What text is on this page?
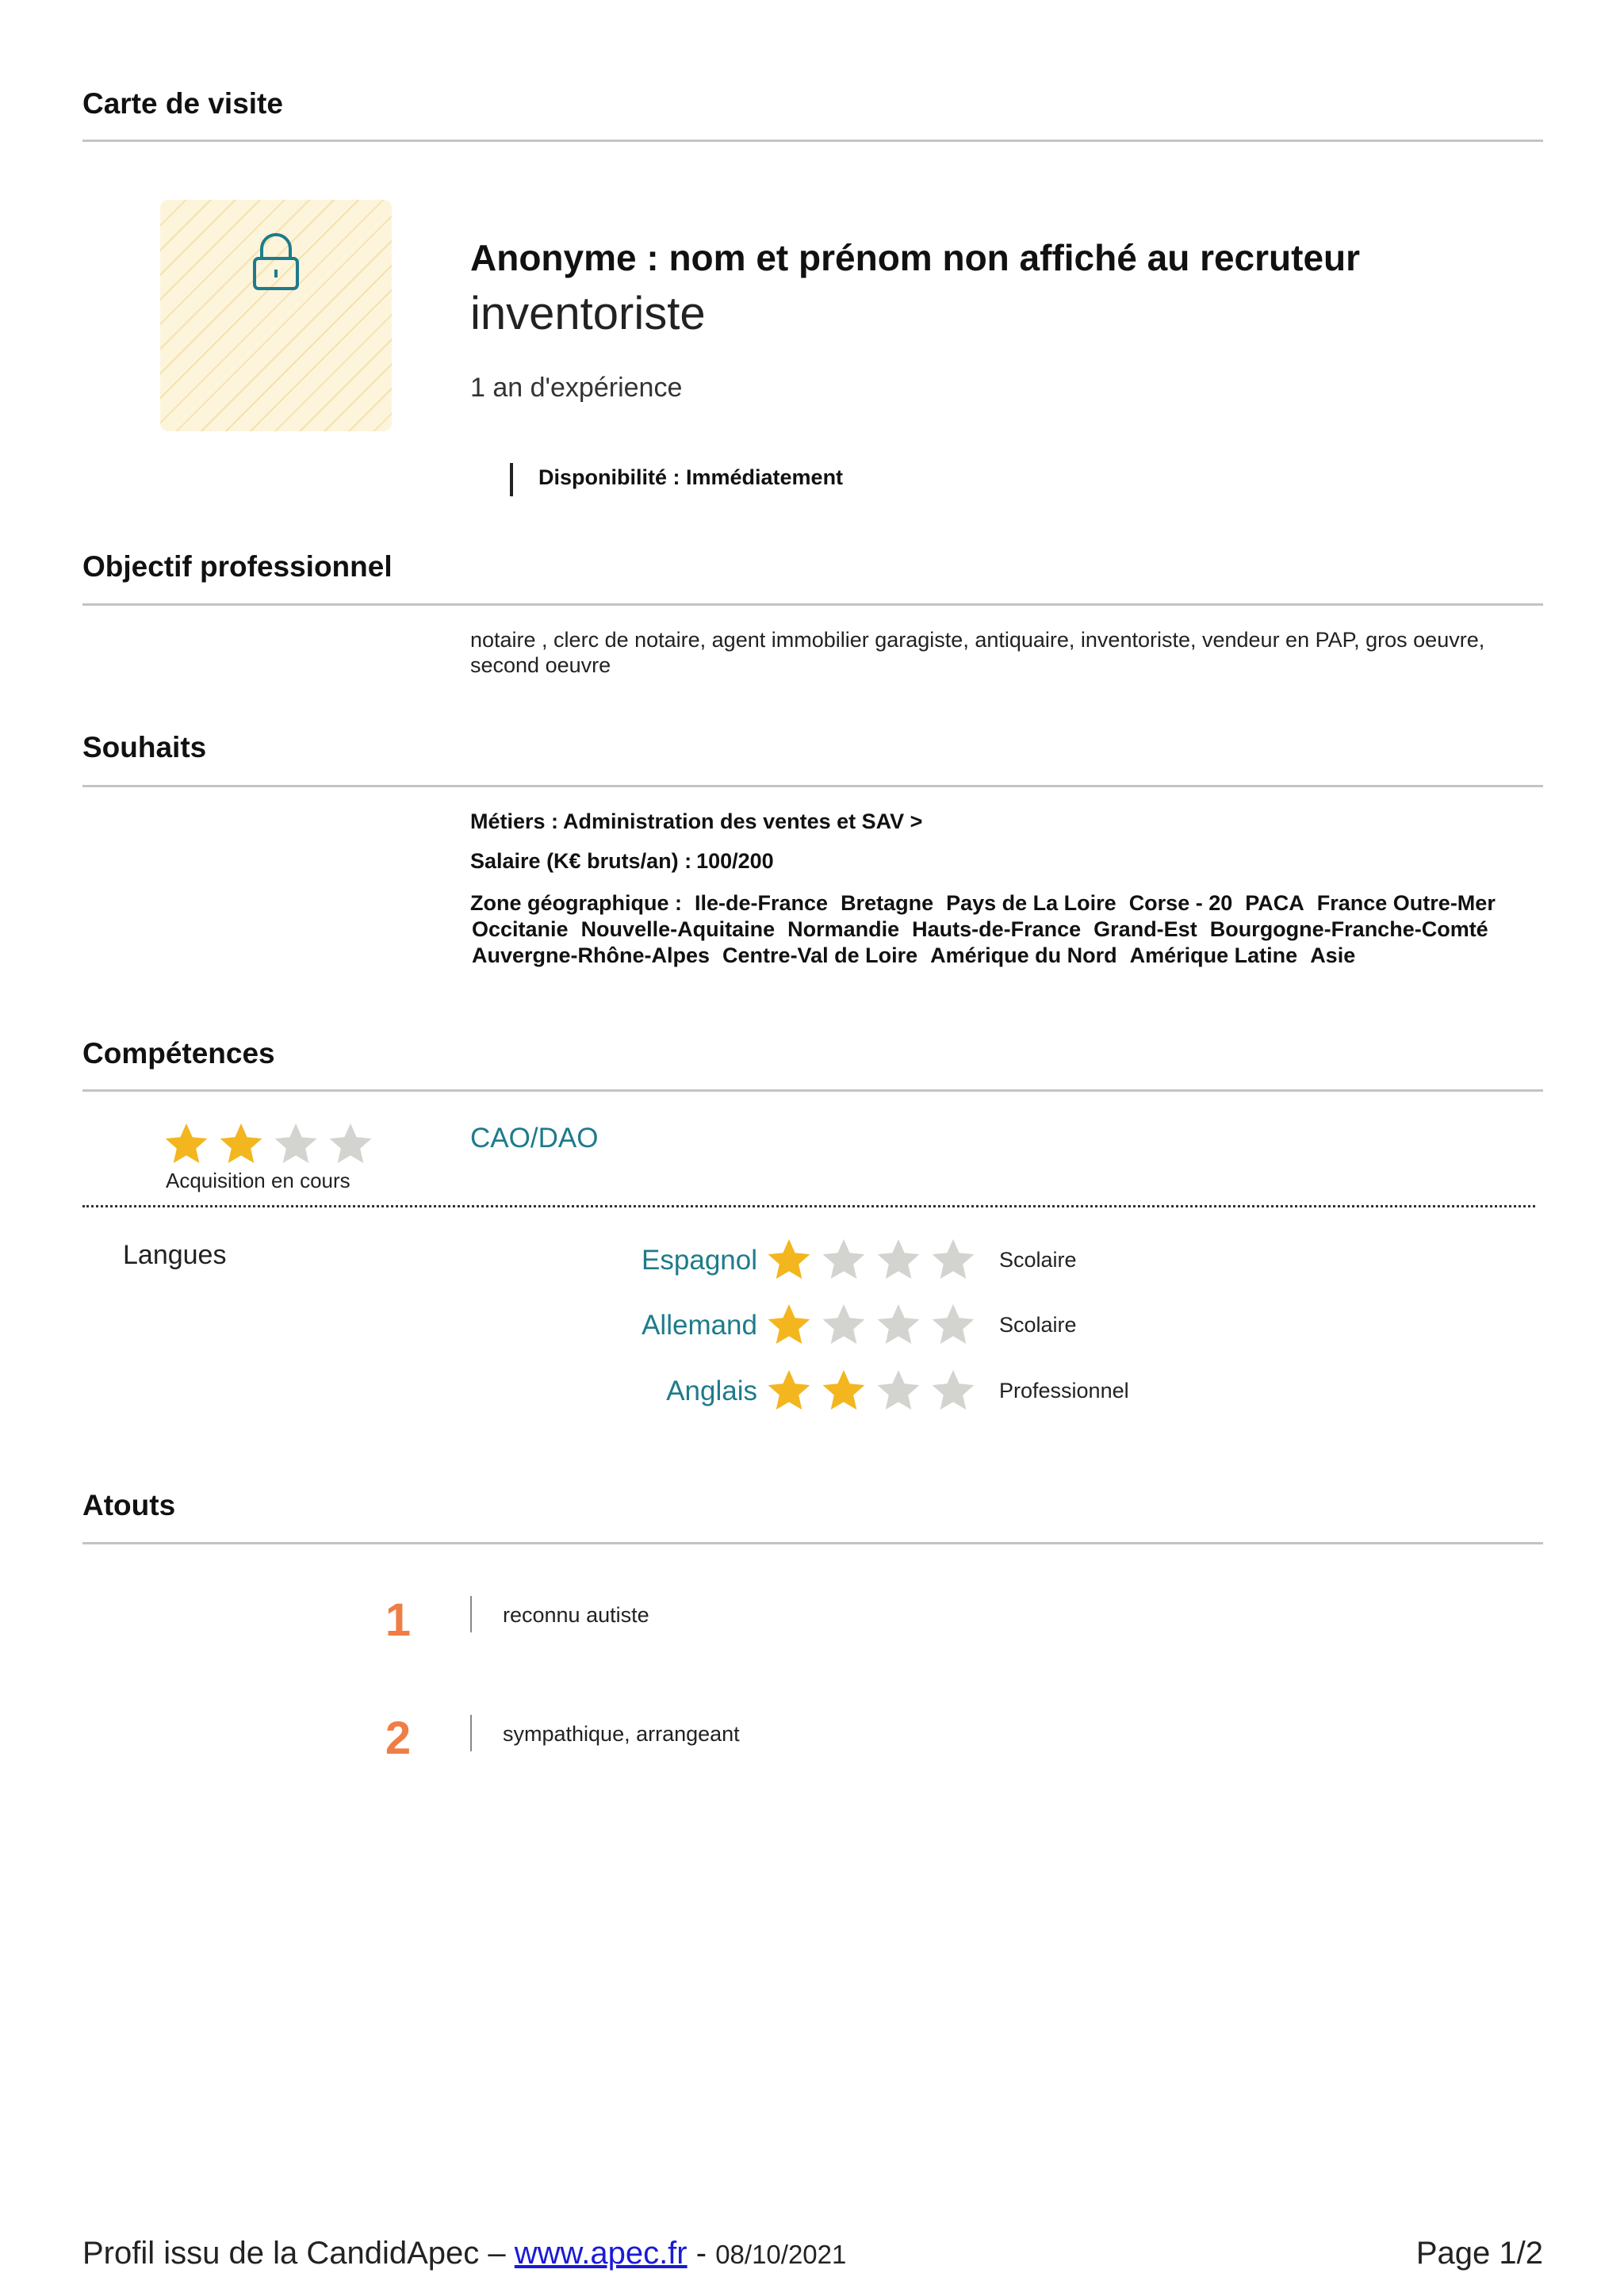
Carte de visite
Anonyme : nom et prénom non affiché au recruteur
inventoriste
1 an d'expérience
Disponibilité : Immédiatement
Objectif professionnel
notaire , clerc de notaire, agent immobilier garagiste, antiquaire, inventoriste, vendeur en PAP, gros oeuvre, second oeuvre
Souhaits
Métiers : Administration des ventes et SAV >
Salaire (K€ bruts/an) : 100/200
Zone géographique : Ile-de-France Bretagne Pays de La Loire Corse - 20 PACA France Outre-Mer
Occitanie Nouvelle-Aquitaine Normandie Hauts-de-France Grand-Est Bourgogne-Franche-Comté
Auvergne-Rhône-Alpes Centre-Val de Loire Amérique du Nord Amérique Latine Asie
Compétences
Acquisition en cours
CAO/DAO
Langues	Espagnol	Scolaire
Allemand	Scolaire
Anglais	Professionnel
Atouts
1	reconnu autiste
2	sympathique, arrangeant
Profil issu de la CandidApec – www.apec.fr - 08/10/2021	Page 1/2
